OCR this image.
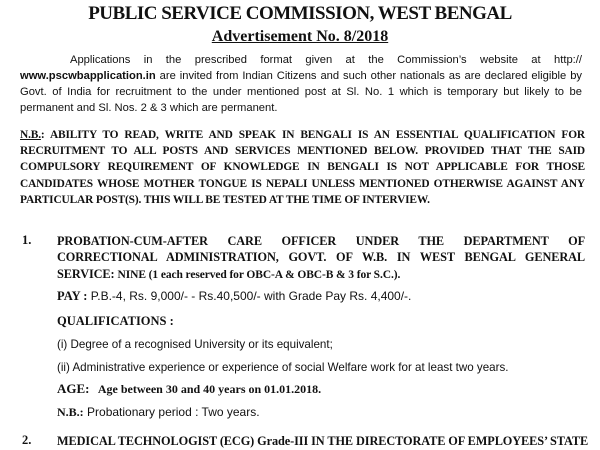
PUBLIC SERVICE COMMISSION, WEST BENGAL
Advertisement No. 8/2018

Applications in the prescribed format given at the Commission’s website at http:// www.pscwbapplication.in are invited from Indian Citizens and such other nationals as are declared eligible by Govt. of India for recruitment to the under mentioned post at Sl. No. 1 which is temporary but likely to be permanent and Sl. Nos. 2 & 3 which are permanent.

N.B.: ABILITY TO READ, WRITE AND SPEAK IN BENGALI IS AN ESSENTIAL QUALIFICATION FOR RECRUITMENT TO ALL POSTS AND SERVICES MENTIONED BELOW. PROVIDED THAT THE SAID COMPULSORY REQUIREMENT OF KNOWLEDGE IN BENGALI IS NOT APPLICABLE FOR THOSE CANDIDATES WHOSE MOTHER TONGUE IS NEPALI UNLESS MENTIONED OTHERWISE AGAINST ANY PARTICULAR POST(S). THIS WILL BE TESTED AT THE TIME OF INTERVIEW.

1. PROBATION-CUM-AFTER CARE OFFICER UNDER THE DEPARTMENT OF CORRECTIONAL ADMINISTRATION, GOVT. OF W.B. IN WEST BENGAL GENERAL SERVICE: NINE (1 each reserved for OBC-A & OBC-B & 3 for S.C.).

PAY : P.B.-4, Rs. 9,000/- - Rs.40,500/- with Grade Pay Rs. 4,400/-.

QUALIFICATIONS :

(i) Degree of a recognised University or its equivalent;

(ii) Administrative experience or experience of social Welfare work for at least two years.

AGE: Age between 30 and 40 years on 01.01.2018.

N.B.: Probationary period : Two years.

2. MEDICAL TECHNOLOGIST (ECG) Grade-III IN THE DIRECTORATE OF EMPLOYEES’ STATE
